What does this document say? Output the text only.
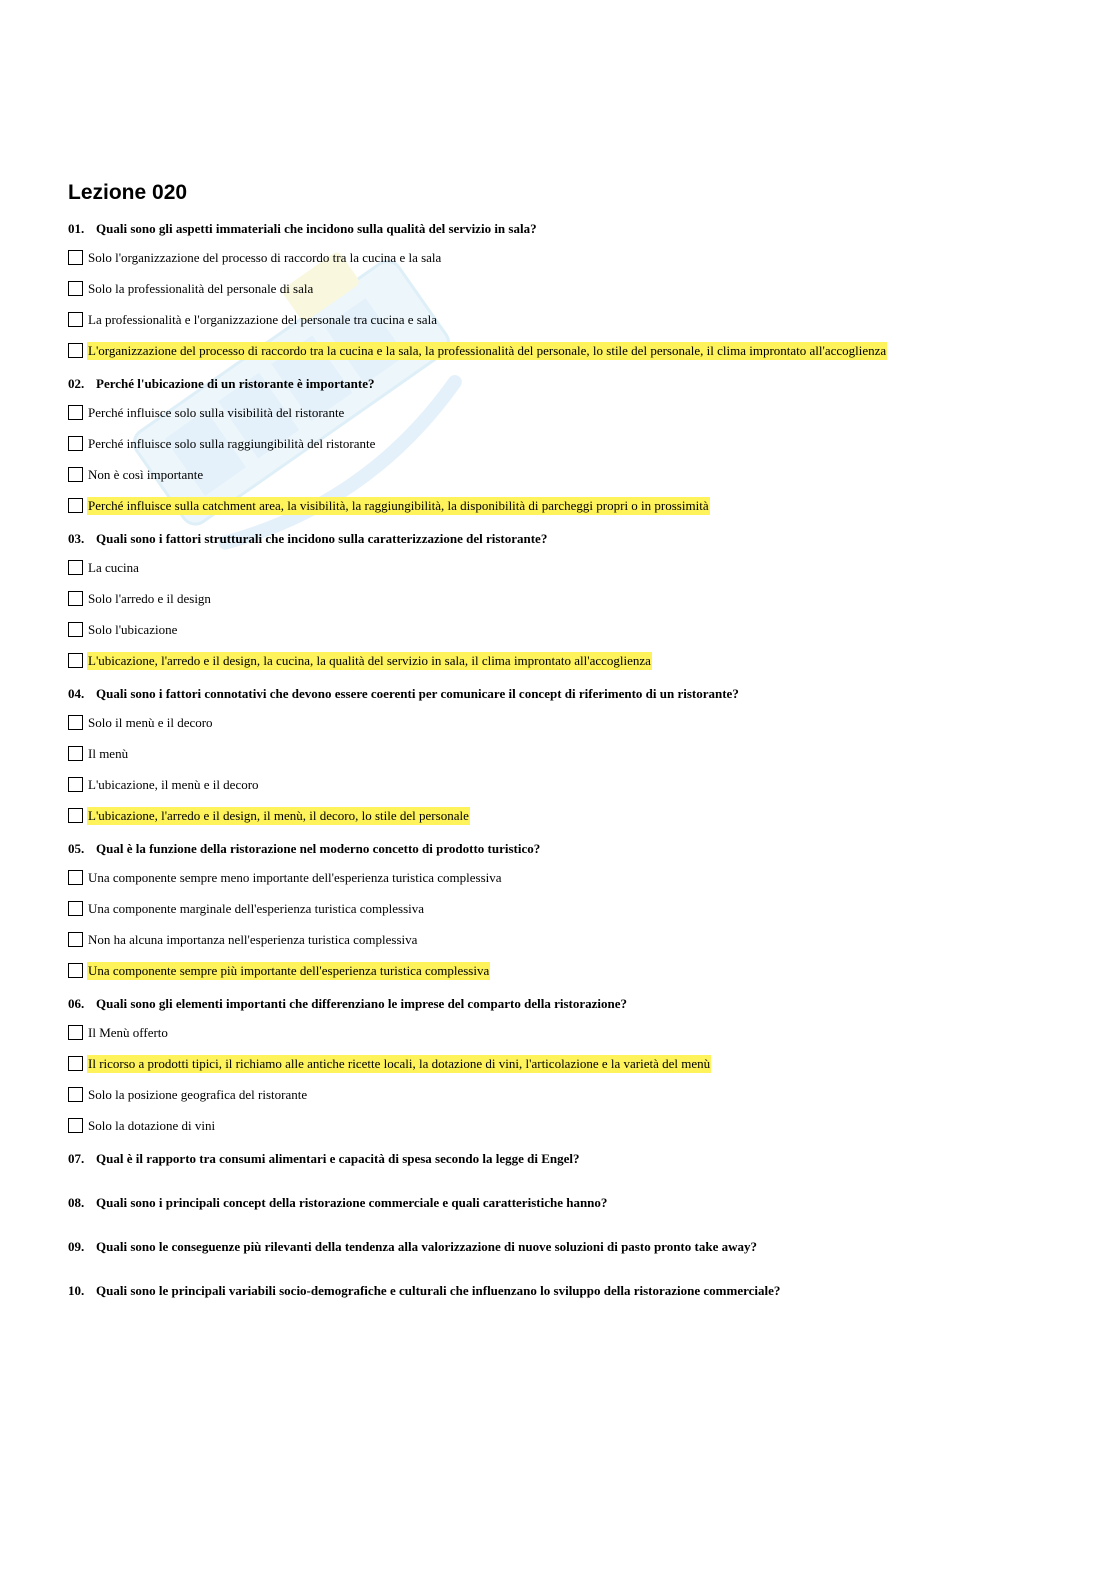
Lezione 020
01. Quali sono gli aspetti immateriali che incidono sulla qualità del servizio in sala?
Solo l'organizzazione del processo di raccordo tra la cucina e la sala
Solo la professionalità del personale di sala
La professionalità e l'organizzazione del personale tra cucina e sala
L'organizzazione del processo di raccordo tra la cucina e la sala, la professionalità del personale, lo stile del personale, il clima improntato all'accoglienza
02. Perché l'ubicazione di un ristorante è importante?
Perché influisce solo sulla visibilità del ristorante
Perché influisce solo sulla raggiungibilità del ristorante
Non è così importante
Perché influisce sulla catchment area, la visibilità, la raggiungibilità, la disponibilità di parcheggi propri o in prossimità
03. Quali sono i fattori strutturali che incidono sulla caratterizzazione del ristorante?
La cucina
Solo l'arredo e il design
Solo l'ubicazione
L'ubicazione, l'arredo e il design, la cucina, la qualità del servizio in sala, il clima improntato all'accoglienza
04. Quali sono i fattori connotativi che devono essere coerenti per comunicare il concept di riferimento di un ristorante?
Solo il menù e il decoro
Il menù
L'ubicazione, il menù e il decoro
L'ubicazione, l'arredo e il design, il menù, il decoro, lo stile del personale
05. Qual è la funzione della ristorazione nel moderno concetto di prodotto turistico?
Una componente sempre meno importante dell'esperienza turistica complessiva
Una componente marginale dell'esperienza turistica complessiva
Non ha alcuna importanza nell'esperienza turistica complessiva
Una componente sempre più importante dell'esperienza turistica complessiva
06. Quali sono gli elementi importanti che differenziano le imprese del comparto della ristorazione?
Il Menù offerto
Il ricorso a prodotti tipici, il richiamo alle antiche ricette locali, la dotazione di vini, l'articolazione e la varietà del menù
Solo la posizione geografica del ristorante
Solo la dotazione di vini
07. Qual è il rapporto tra consumi alimentari e capacità di spesa secondo la legge di Engel?
08. Quali sono i principali concept della ristorazione commerciale e quali caratteristiche hanno?
09. Quali sono le conseguenze più rilevanti della tendenza alla valorizzazione di nuove soluzioni di pasto pronto take away?
10. Quali sono le principali variabili socio-demografiche e culturali che influenzano lo sviluppo della ristorazione commerciale?
